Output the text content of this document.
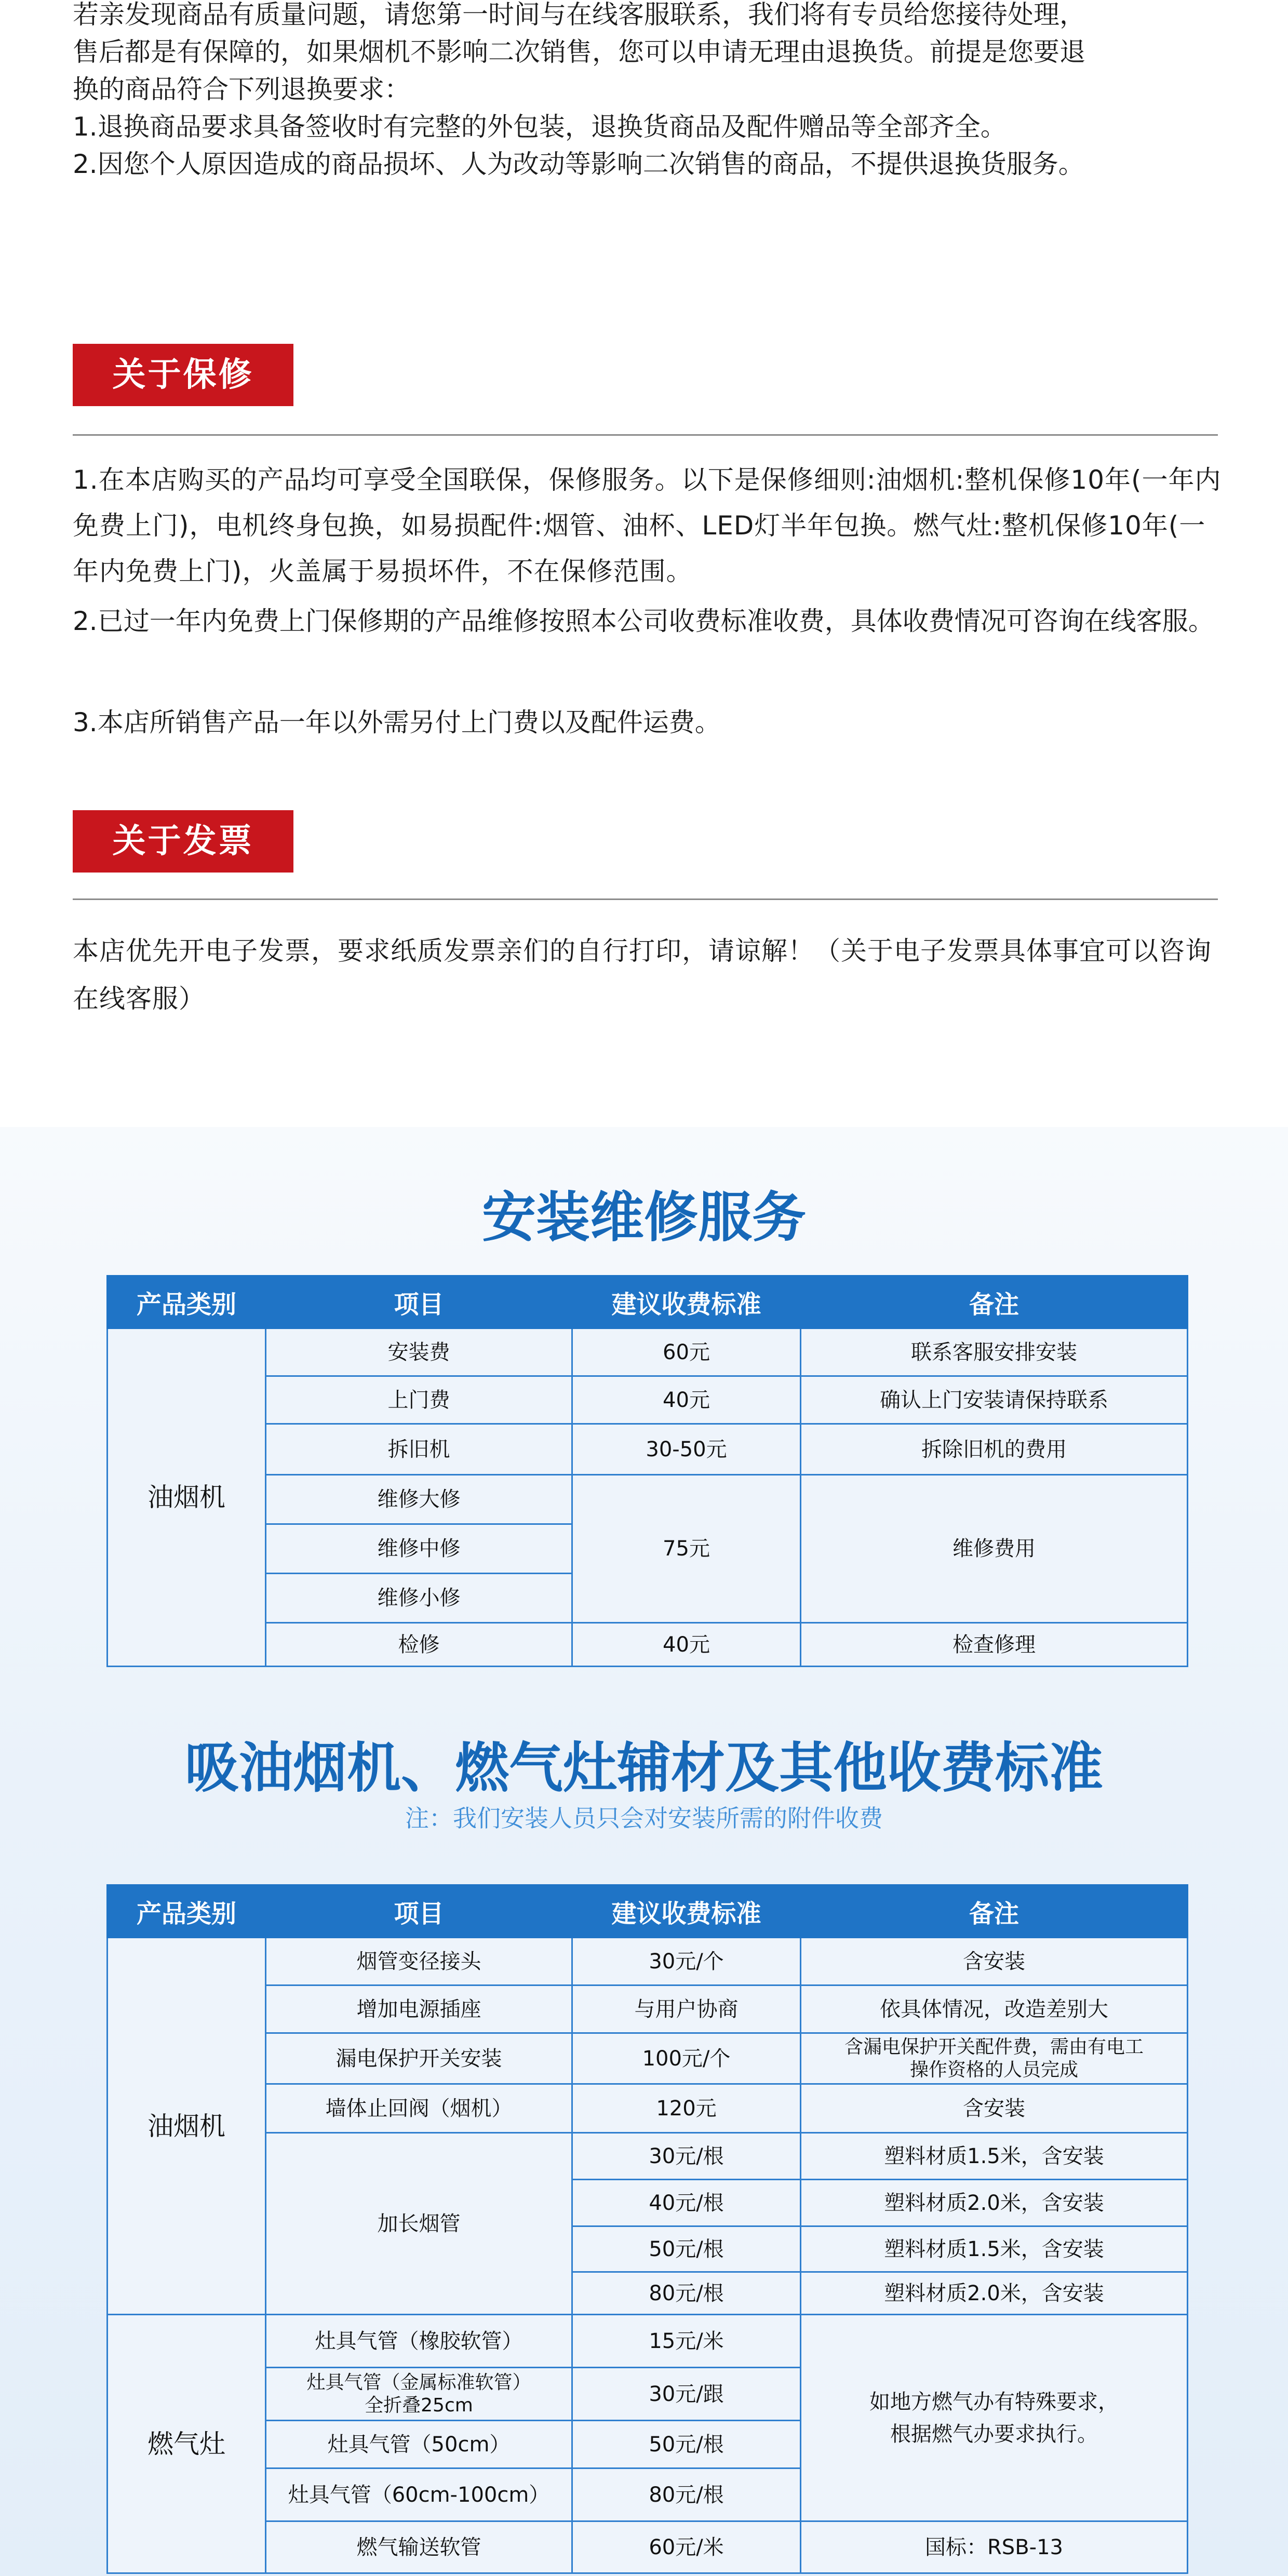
若亲发现商品有质量问题，请您第一时间与在线客服联系，我们将有专员给您接待处理，
售后都是有保障的，如果烟机不影响二次销售，您可以申请无理由退换货。前提是您要退
换的商品符合下列退换要求：
1.退换商品要求具备签收时有完整的外包装，退换货商品及配件赠品等全部齐全。
2.因您个人原因造成的商品损坏、人为改动等影响二次销售的商品，不提供退换货服务。
关于保修

1.在本店购买的产品均可享受全国联保，保修服务。以下是保修细则:油烟机:整机保修10年(一年内免费上门)，电机终身包换，如易损配件:烟管、油杯、LED灯半年包换。燃气灶:整机保修10年(一年内免费上门)，火盖属于易损坏件，不在保修范围。

2.已过一年内免费上门保修期的产品维修按照本公司收费标准收费，具体收费情况可咨询在线客服。

3.本店所销售产品一年以外需另付上门费以及配件运费。

关于发票

本店优先开电子发票，要求纸质发票亲们的自行打印，请谅解！（关于电子发票具体事宜可以咨询在线客服）

安装维修服务
产品类别	项目	建议收费标准	备注
油烟机	安装费	60元	联系客服安排安装
	上门费	40元	确认上门安装请保持联系
	拆旧机	30-50元	拆除旧机的费用
	维修大修	75元	维修费用
	维修中修		
	维修小修		
	检修	40元	检查修理
吸油烟机、燃气灶辅材及其他收费标准
注：我们安装人员只会对安装所需的附件收费
产品类别	项目	建议收费标准	备注
油烟机	烟管变径接头	30元/个	含安装
	增加电源插座	与用户协商	依具体情况，改造差别大
	漏电保护开关安装	100元/个	含漏电保护开关配件费，需由有电工
操作资格的人员完成

	墙体止回阀（烟机）	120元	含安装
	加长烟管	30元/根	塑料材质1.5米，含安装
		40元/根	塑料材质2.0米，含安装
		50元/根	塑料材质1.5米，含安装
		80元/根	塑料材质2.0米，含安装
燃气灶	灶具气管（橡胶软管）	15元/米	如地方燃气办有特殊要求，
根据燃气办要求执行。

	灶具气管（金属标准软管）
全折叠25cm	30元/跟	
	灶具气管（50cm）	50元/根	
	灶具气管（60cm-100cm）	80元/根	
	燃气输送软管	60元/米	国标：RSB-13
